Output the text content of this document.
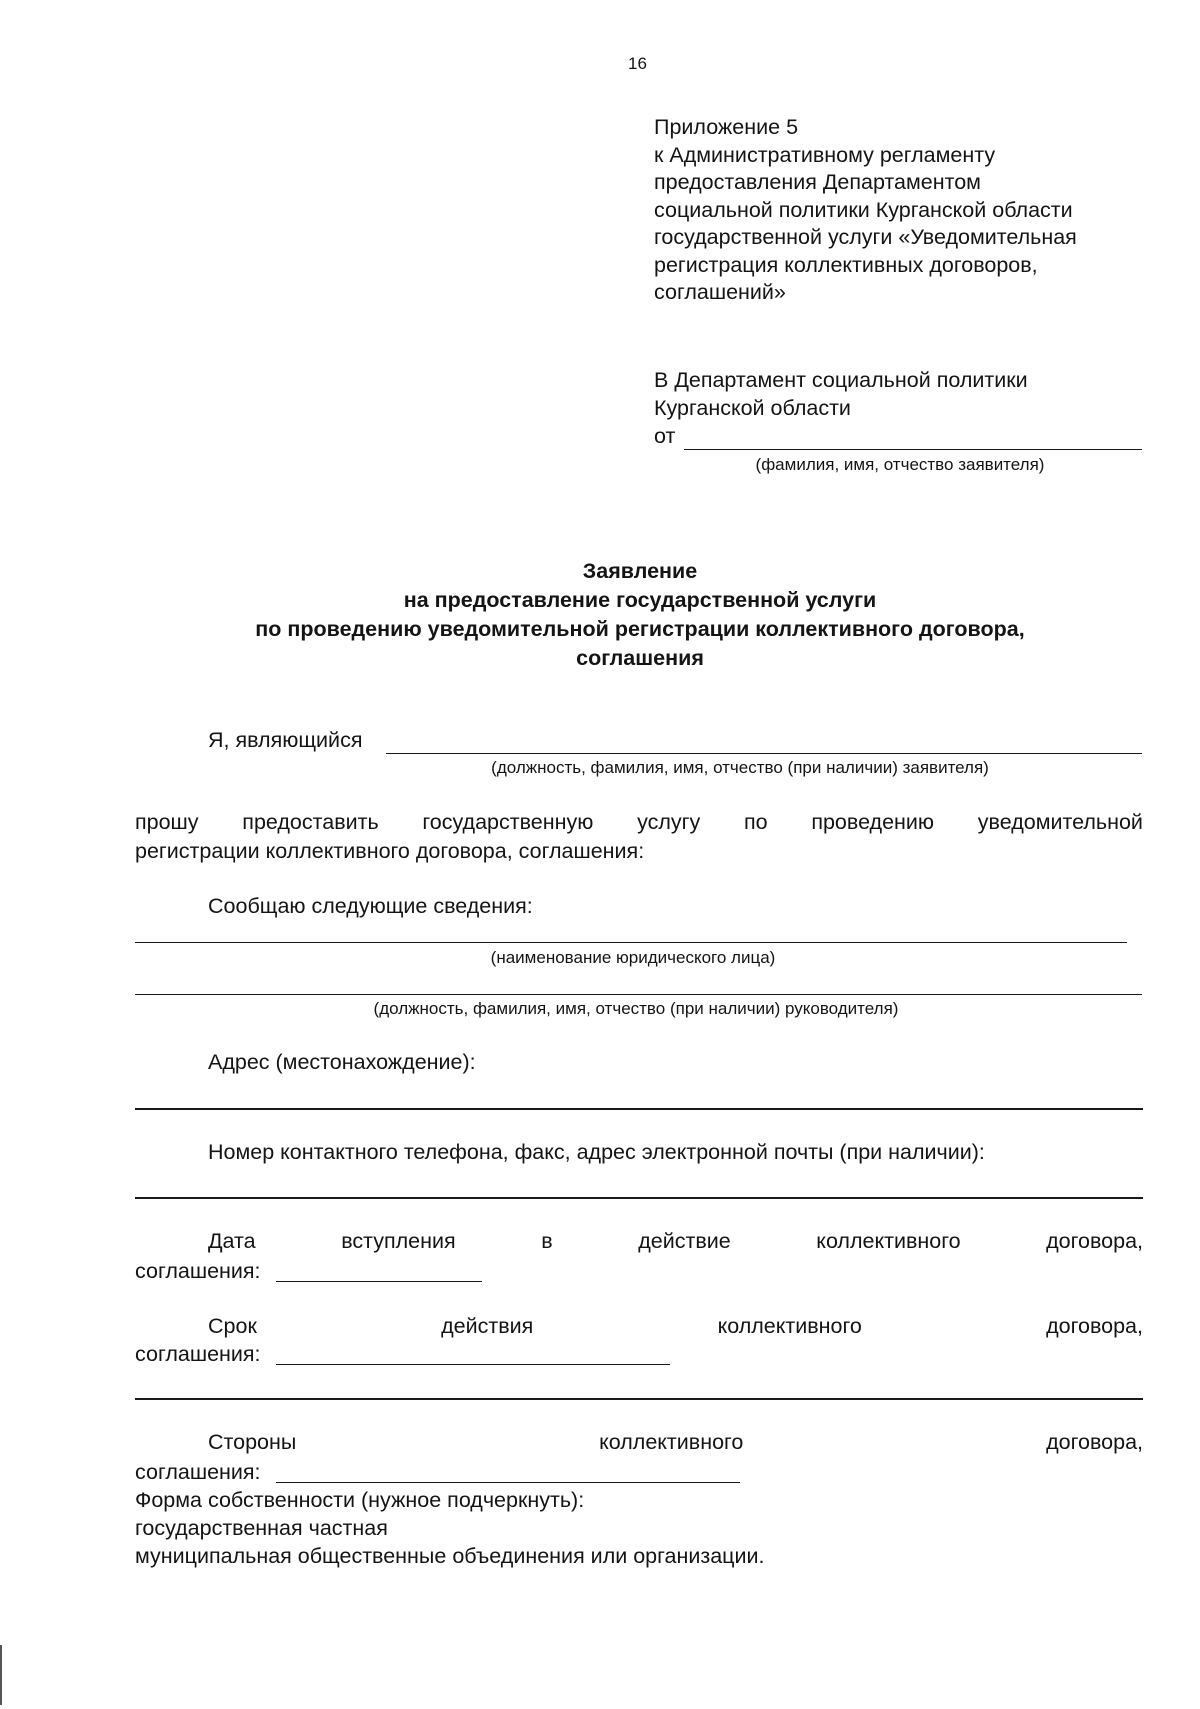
16
Приложение 5
к Административному регламенту
предоставления Департаментом
социальной политики Курганской области
государственной услуги «Уведомительная
регистрация коллективных договоров,
соглашений»
В Департамент социальной политики
Курганской области
от
(фамилия, имя, отчество заявителя)
Заявление
на предоставление государственной услуги
по проведению уведомительной регистрации коллективного договора,
соглашения
Я, являющийся
(должность, фамилия, имя, отчество (при наличии) заявителя)
прошу предоставить государственную услугу по проведению уведомительной
регистрации коллективного договора, соглашения:
Сообщаю следующие сведения:
(наименование юридического лица)
(должность, фамилия, имя, отчество (при наличии) руководителя)
Адрес (местонахождение):
Номер контактного телефона, факс, адрес электронной почты (при наличии):
Дата	вступления	в	действие	коллективного	договора,
соглашения:
Срок	действия	коллективного	договора,
соглашения:
Стороны	коллективного	договора,
соглашения:
Форма собственности (нужное подчеркнуть):
государственная частная
муниципальная общественные объединения или организации.
